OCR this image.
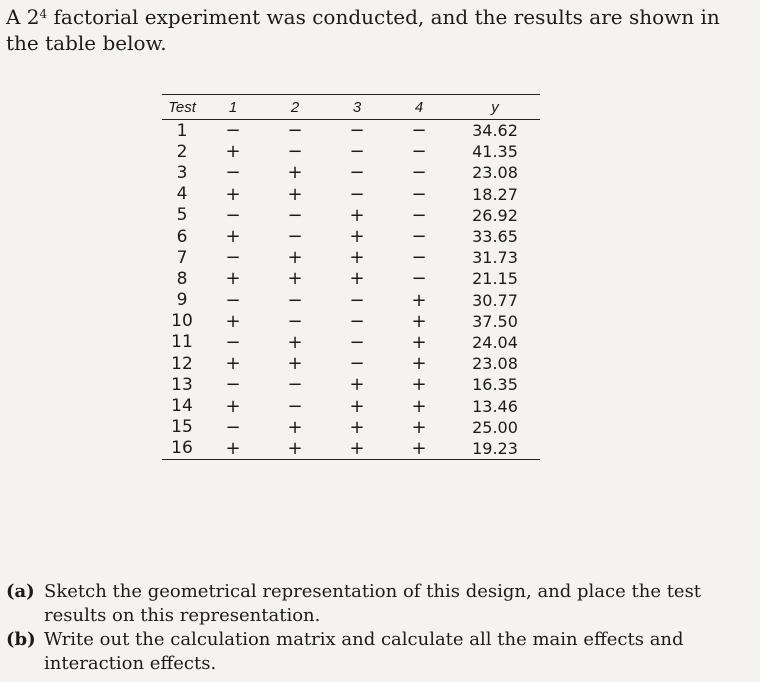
A $2^4$ factorial experiment was conducted, and the results are shown in the table below.
Test	1	2	3	4	y
1	−	−	−	−	34.62
2	+	−	−	−	41.35
3	−	+	−	−	23.08
4	+	+	−	−	18.27
5	−	−	+	−	26.92
6	+	−	+	−	33.65
7	−	+	+	−	31.73
8	+	+	+	−	21.15
9	−	−	−	+	30.77
10	+	−	−	+	37.50
11	−	+	−	+	24.04
12	+	+	−	+	23.08
13	−	−	+	+	16.35
14	+	−	+	+	13.46
15	−	+	+	+	25.00
16	+	+	+	+	19.23
(a) Sketch the geometrical representation of this design, and place the test results on this representation.
(b) Write out the calculation matrix and calculate all the main effects and interaction effects.
